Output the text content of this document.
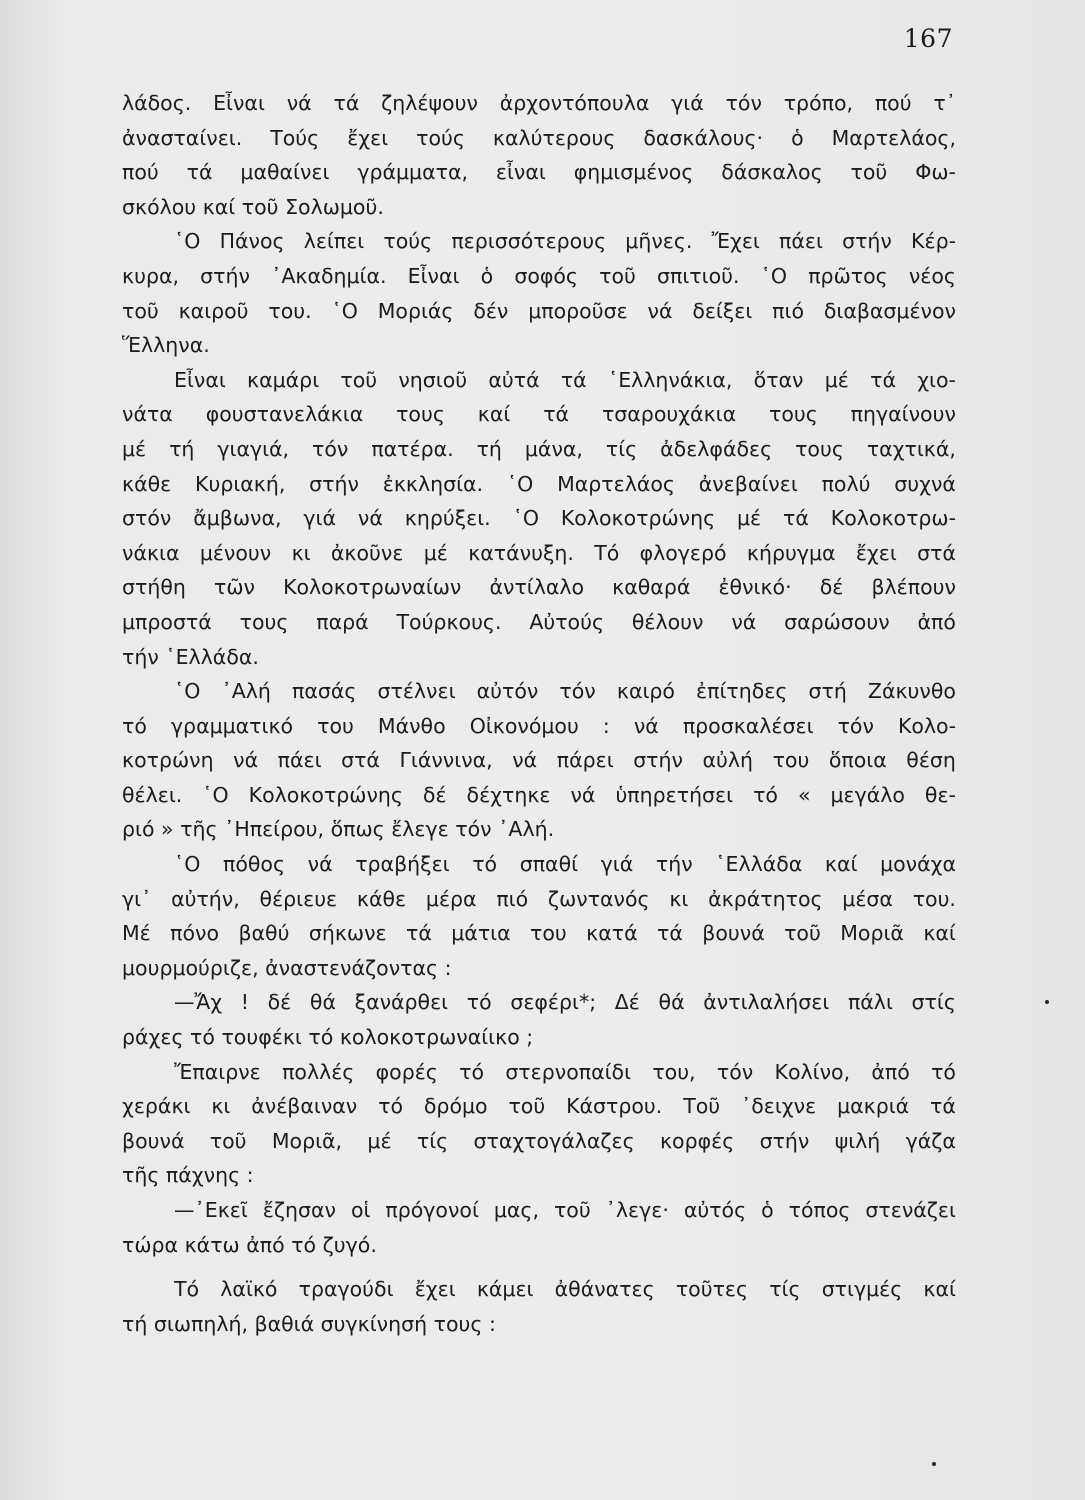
167
λάδος. Εἶναι νά τά ζηλέψουν ἀρχοντόπουλα γιά τόν τρόπο, πού τ᾽
ἀνασταίνει. Τούς ἔχει τούς καλύτερους δασκάλους· ὁ Μαρτελάος,
πού τά μαθαίνει γράμματα, εἶναι φημισμένος δάσκαλος τοῦ Φω-
σκόλου καί τοῦ Σολωμοῦ.
῾Ο Πάνος λείπει τούς περισσότερους μῆνες. Ἔχει πάει στήν Κέρ-
κυρα, στήν ᾿Ακαδημία. Εἶναι ὁ σοφός τοῦ σπιτιοῦ. ῾Ο πρῶτος νέος
τοῦ καιροῦ του. ῾Ο Μοριάς δέν μποροῦσε νά δείξει πιό διαβασμένον
Ἕλληνα.
Εἶναι καμάρι τοῦ νησιοῦ αὐτά τά ῾Ελληνάκια, ὅταν μέ τά χιο-
νάτα φουστανελάκια τους καί τά τσαρουχάκια τους πηγαίνουν
μέ τή γιαγιά, τόν πατέρα. τή μάνα, τίς ἀδελφάδες τους ταχτικά,
κάθε Κυριακή, στήν ἐκκλησία. ῾Ο Μαρτελάος ἀνεβαίνει πολύ συχνά
στόν ἄμβωνα, γιά νά κηρύξει. ῾Ο Κολοκοτρώνης μέ τά Κολοκοτρω-
νάκια μένουν κι ἀκοῦνε μέ κατάνυξη. Τό φλογερό κήρυγμα ἔχει στά
στήθη τῶν Κολοκοτρωναίων ἀντίλαλο καθαρά ἐθνικό· δέ βλέπουν
μπροστά τους παρά Τούρκους. Αὐτούς θέλουν νά σαρώσουν ἀπό
τήν ῾Ελλάδα.
῾Ο ᾿Αλή πασάς στέλνει αὐτόν τόν καιρό ἐπίτηδες στή Ζάκυνθο
τό γραμματικό του Μάνθο Οἰκονόμου : νά προσκαλέσει τόν Κολο-
κοτρώνη νά πάει στά Γιάννινα, νά πάρει στήν αὐλή του ὅποια θέση
θέλει. ῾Ο Κολοκοτρώνης δέ δέχτηκε νά ὑπηρετήσει τό « μεγάλο θε-
ριό » τῆς ᾿Ηπείρου, ὅπως ἔλεγε τόν ᾿Αλή.
῾Ο πόθος νά τραβήξει τό σπαθί γιά τήν ῾Ελλάδα καί μονάχα
γι᾽ αὐτήν, θέριευε κάθε μέρα πιό ζωντανός κι ἀκράτητος μέσα του.
Μέ πόνο βαθύ σήκωνε τά μάτια του κατά τά βουνά τοῦ Μοριᾶ καί
μουρμούριζε, ἀναστενάζοντας :
—Ἄχ ! δέ θά ξανάρθει τό σεφέρι*; Δέ θά ἀντιλαλήσει πάλι στίς
ράχες τό τουφέκι τό κολοκοτρωναίικο ;
Ἔπαιρνε πολλές φορές τό στερνοπαίδι του, τόν Κολίνο, ἀπό τό
χεράκι κι ἀνέβαιναν τό δρόμο τοῦ Κάστρου. Τοῦ ᾿δειχνε μακριά τά
βουνά τοῦ Μοριᾶ, μέ τίς σταχτογάλαζες κορφές στήν ψιλή γάζα
τῆς πάχνης :
—᾿Εκεῖ ἔζησαν οἱ πρόγονοί μας, τοῦ ᾿λεγε· αὐτός ὁ τόπος στενάζει
τώρα κάτω ἀπό τό ζυγό.
Τό λαϊκό τραγούδι ἔχει κάμει ἀθάνατες τοῦτες τίς στιγμές καί
τή σιωπηλή, βαθιά συγκίνησή τους :
